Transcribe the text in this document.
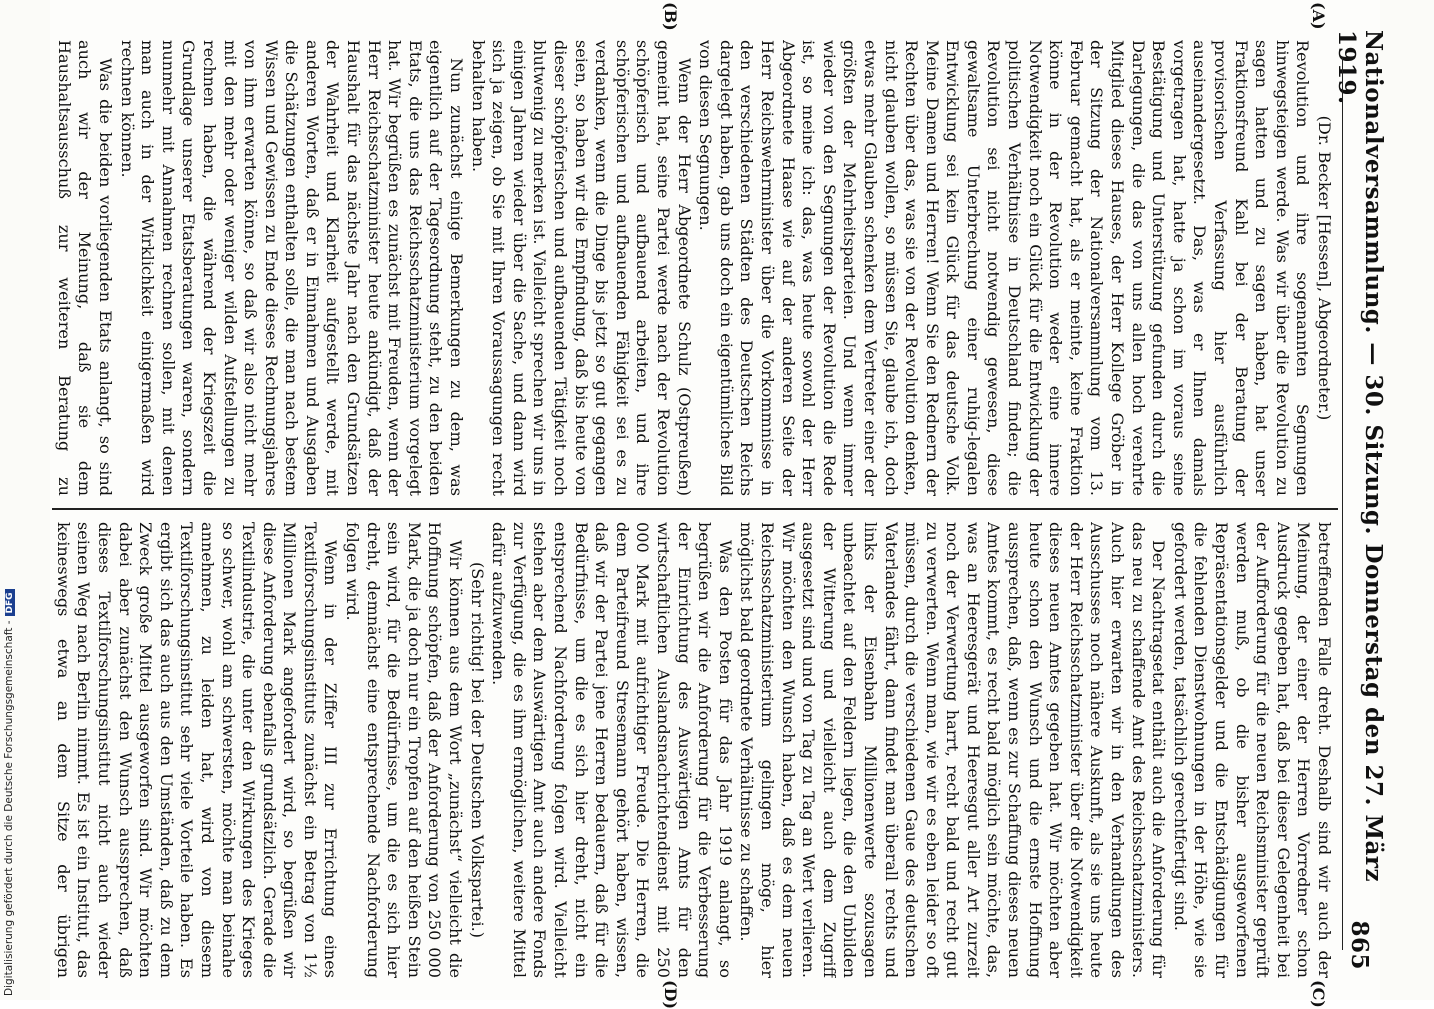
Nationalversammlung. — 30. Sitzung. Donnerstag den 27. März 1919.
865
(A)
(B)
(C)
(D)

(Dr. Becker [Hessen], Abgeordneter.)

Revolution und ihre sogenannten Segnungen hinwegsteigen werde. Was wir über die Revolution zu sagen hatten und zu sagen haben, hat unser Fraktionsfreund Kahl bei der Beratung der provisorischen Verfassung hier ausführlich auseinandergesetzt. Das, was er Ihnen damals vorgetragen hat, hatte ja schon im voraus seine Bestätigung und Unterstützung gefunden durch die Darlegungen, die das von uns allen hoch verehrte Mitglied dieses Hauses, der Herr Kollege Gröber in der Sitzung der Nationalversammlung vom 13. Februar gemacht hat, als er meinte, keine Fraktion könne in der Revolution weder eine innere Notwendigkeit noch ein Glück für die Entwicklung der politischen Verhältnisse in Deutschland finden; die Revolution sei nicht notwendig gewesen, diese gewaltsame Unterbrechung einer ruhig-legalen Entwicklung sei kein Glück für das deutsche Volk. Meine Damen und Herren! Wenn Sie den Rednern der Rechten über das, was sie von der Revolution denken, nicht glauben wollen, so müssen Sie, glaube ich, doch etwas mehr Glauben schenken dem Vertreter einer der größten der Mehrheitsparteien. Und wenn immer wieder von den Segnungen der Revolution die Rede ist, so meine ich: das, was heute sowohl der Herr Abgeordnete Haase wie auf der anderen Seite der Herr Reichswehrminister über die Vorkommnisse in den verschiedenen Städten des Deutschen Reichs dargelegt haben, gab uns doch ein eigentümliches Bild von diesen Segnungen.

Wenn der Herr Abgeordnete Schulz (Ostpreußen) gemeint hat, seine Partei werde nach der Revolution schöpferisch und aufbauend arbeiten, und ihre schöpferischen und aufbauenden Fähigkeit sei es zu verdanken, wenn die Dinge bis jetzt so gut gegangen seien, so haben wir die Empfindung, daß bis heute von dieser schöpferischen und aufbauenden Tätigkeit noch blutwenig zu merken ist. Vielleicht sprechen wir uns in einigen Jahren wieder über die Sache, und dann wird sich ja zeigen, ob Sie mit Ihren Voraussagungen recht behalten haben.

Nun zunächst einige Bemerkungen zu dem, was eigentlich auf der Tagesordnung steht, zu den beiden Etats, die uns das Reichsschatzministerium vorgelegt hat. Wir begrüßen es zunächst mit Freuden, wenn der Herr Reichsschatzminister heute ankündigt, daß der Haushalt für das nächste Jahr nach den Grundsätzen der Wahrheit und Klarheit aufgestellt werde, mit anderen Worten, daß er in Einnahmen und Ausgaben die Schätzungen enthalten solle, die man nach bestem Wissen und Gewissen zu Ende dieses Rechnungsjahres von ihm erwarten könne, so daß wir also nicht mehr mit den mehr oder weniger wilden Aufstellungen zu rechnen haben, die während der Kriegszeit die Grundlage unserer Etatsberatungen waren, sondern nunmehr mit Annahmen rechnen sollen, mit denen man auch in der Wirklichkeit einigermaßen wird rechnen können.

Was die beiden vorliegenden Etats anlangt, so sind auch wir der Meinung, daß sie dem Haushaltsausschuß zur weiteren Beratung zu

betreffenden Falle dreht. Deshalb sind wir auch der Meinung, der einer der Herren Vorredner schon Ausdruck gegeben hat, daß bei dieser Gelegenheit bei der Aufforderung für die neuen Reichsminister geprüft werden muß, ob die bisher ausgeworfenen Repräsentationsgelder und die Entschädigungen für die fehlenden Dienstwohnungen in der Höhe, wie sie gefordert werden, tatsächlich gerechtfertigt sind.

Der Nachtragsetat enthält auch die Anforderung für das neu zu schaffende Amt des Reichsschatzministers. Auch hier erwarten wir in den Verhandlungen des Ausschusses noch nähere Auskunft, als sie uns heute der Herr Reichsschatzminister über die Notwendigkeit dieses neuen Amtes gegeben hat. Wir möchten aber heute schon den Wunsch und die ernste Hoffnung aussprechen, daß, wenn es zur Schaffung dieses neuen Amtes kommt, es recht bald möglich sein möchte, das, was an Heeresgerät und Heeresgut aller Art zurzeit noch der Verwertung harrt, recht bald und recht gut zu verwerten. Wenn man, wie wir es eben leider so oft müssen, durch die verschiedenen Gaue des deutschen Vaterlandes fährt, dann findet man überall rechts und links der Eisenbahn Millionenwerte sozusagen unbeachtet auf den Feldern liegen, die den Unbilden der Witterung und vielleicht auch dem Zugriff ausgesetzt sind und von Tag zu Tag an Wert verlieren. Wir möchten den Wunsch haben, daß es dem neuen Reichsschatzministerium gelingen möge, hier möglichst bald geordnete Verhältnisse zu schaffen.

Was den Posten für das Jahr 1919 anlangt, so begrüßen wir die Anforderung für die Verbesserung der Einrichtung des Auswärtigen Amts für den wirtschaftlichen Auslandsnachrichtendienst mit 250 000 Mark mit aufrichtiger Freude. Die Herren, die dem Parteifreund Stresemann gehört haben, wissen, daß wir der Partei jene Herren bedauern, daß für die Bedürfnisse, um die es sich hier dreht, nicht ein entsprechend Nachforderung folgen wird. Vielleicht stehen aber dem Auswärtigen Amt auch andere Fonds zur Verfügung, die es ihm ermöglichen, weitere Mittel dafür aufzuwenden.

(Sehr richtig! bei der Deutschen Volkspartei.)

Wir können aus dem Wort „zunächst“ vielleicht die Hoffnung schöpfen, daß der Anforderung von 250 000 Mark, die ja doch nur ein Tropfen auf den heißen Stein sein wird, für die Bedürfnisse, um die es sich hier dreht, demnächst eine entsprechende Nachforderung folgen wird.

Wenn in der Ziffer III zur Errichtung eines Textilforschungsinstituts zunächst ein Betrag von 1½ Millionen Mark angefordert wird, so begrüßen wir diese Anforderung ebenfalls grundsätzlich. Gerade die Textilindustrie, die unter den Wirkungen des Krieges so schwer, wohl am schwersten, möchte man beinahe annehmen, zu leiden hat, wird von diesem Textilforschungsinstitut sehr viele Vorteile haben. Es ergibt sich das auch aus den Umständen, daß zu dem Zweck große Mittel ausgeworfen sind. Wir möchten dabei aber zunächst den Wunsch aussprechen, daß dieses Textilforschungsinstitut nicht auch wieder seinen Weg nach Berlin nimmt. Es ist ein Institut, das keineswegs etwa an dem Sitze der übrigen

Digitalisierung gefördert durch die Deutsche Forschungsgemeinschaft -DFG
